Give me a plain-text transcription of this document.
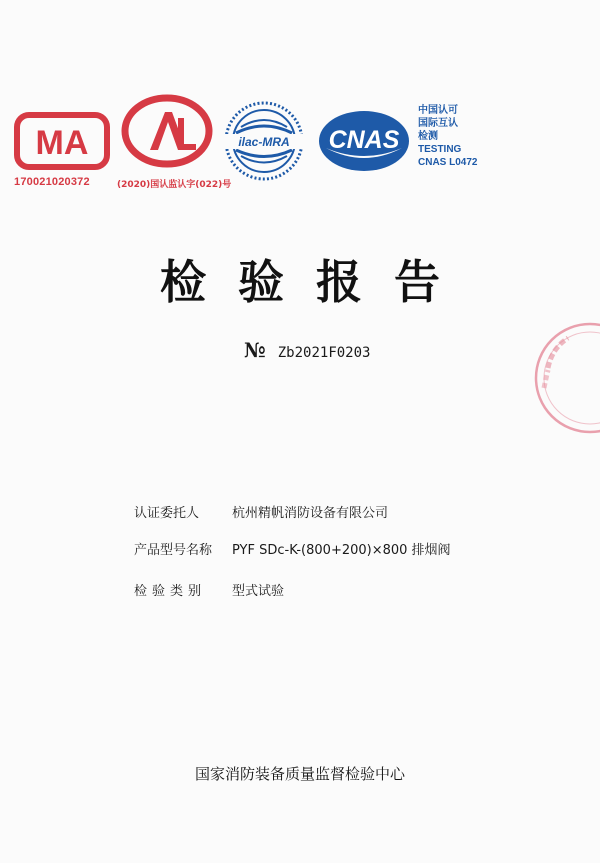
MA
170021020372
CAL
(2020)国认监认字(022)号
ilac-MRA CNAS
中国认可
国际互认
检测
TESTING
CNAS L0472
检验报告
№ Zb2021F0203
认证委托人	杭州精帆消防设备有限公司
产品型号名称	PYF SDc-K-(800+200)×800 排烟阀
检验类别	型式试验
国家消防装备质量监督检验中心
